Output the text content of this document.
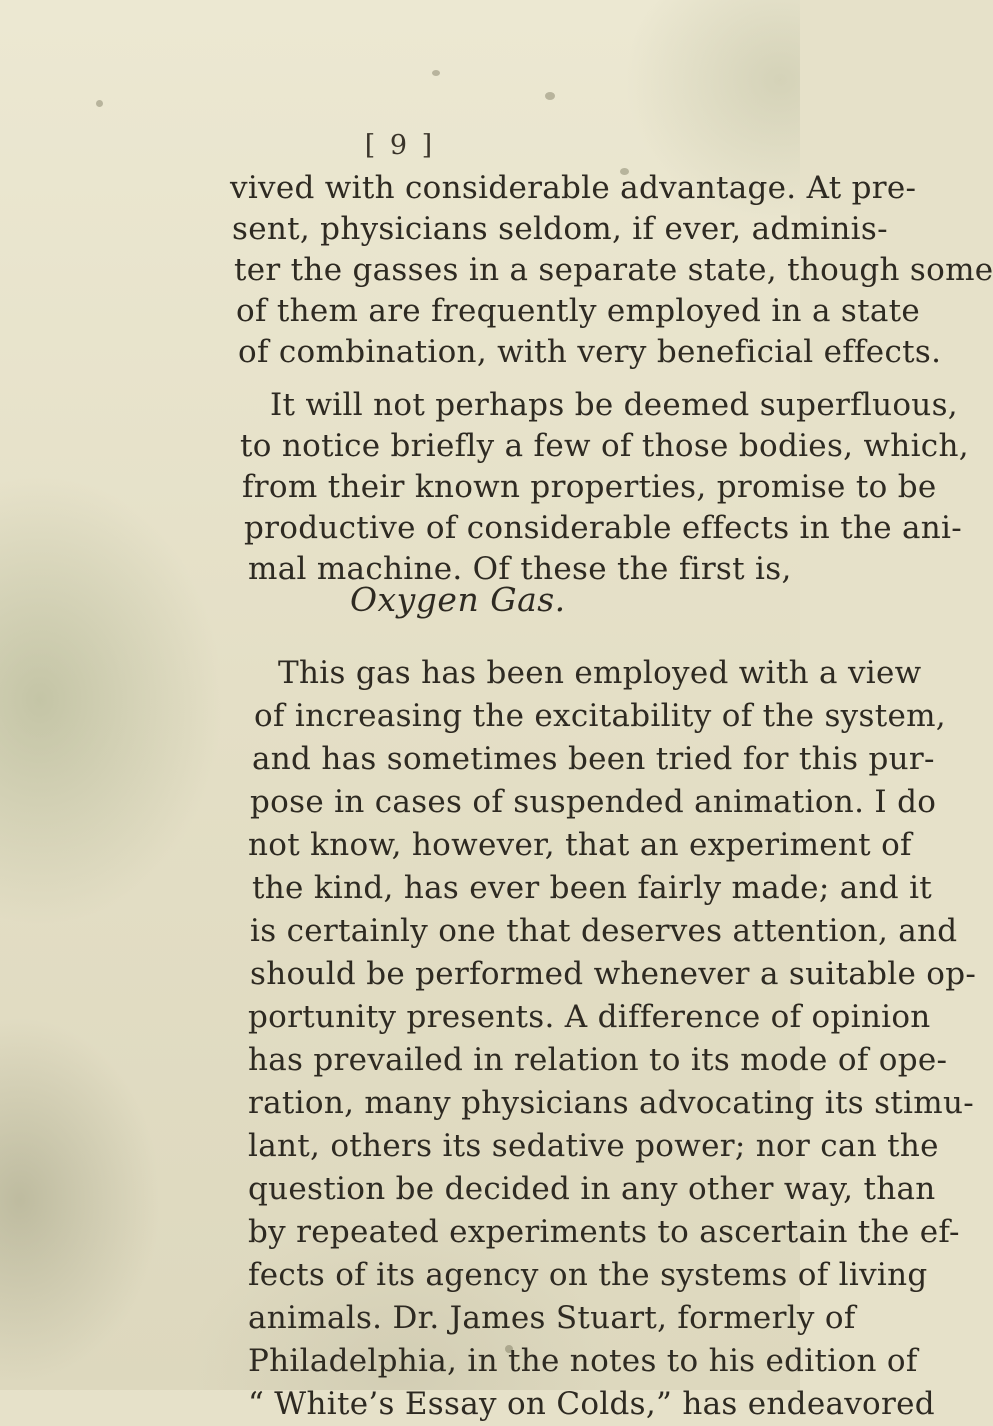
[ 9 ]
vived with considerable advantage. At pre-
sent, physicians seldom, if ever, adminis-
ter the gasses in a separate state, though some
of them are frequently employed in a state
of combination, with very beneficial effects.
It will not perhaps be deemed superfluous,
to notice briefly a few of those bodies, which,
from their known properties, promise to be
productive of considerable effects in the ani-
mal machine. Of these the first is,
Oxygen Gas.
This gas has been employed with a view
of increasing the excitability of the system,
and has sometimes been tried for this pur-
pose in cases of suspended animation. I do
not know, however, that an experiment of
the kind, has ever been fairly made; and it
is certainly one that deserves attention, and
should be performed whenever a suitable op-
portunity presents. A difference of opinion
has prevailed in relation to its mode of ope-
ration, many physicians advocating its stimu-
lant, others its sedative power; nor can the
question be decided in any other way, than
by repeated experiments to ascertain the ef-
fects of its agency on the systems of living
animals. Dr. James Stuart, formerly of
Philadelphia, in the notes to his edition of
“ White’s Essay on Colds,” has endeavored
